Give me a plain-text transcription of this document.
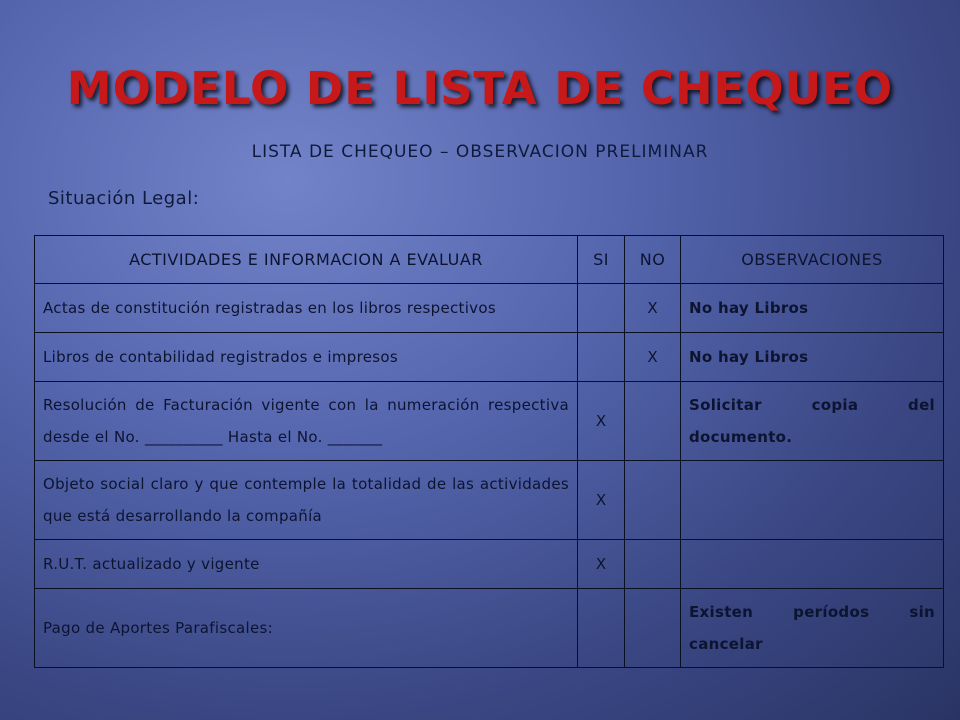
MODELO DE LISTA DE CHEQUEO
LISTA DE CHEQUEO – OBSERVACION PRELIMINAR
Situación Legal:
ACTIVIDADES E INFORMACION A EVALUAR	SI	NO	OBSERVACIONES
Actas de constitución registradas en los libros respectivos		X	No hay Libros
Libros de contabilidad registrados e impresos		X	No hay Libros
Resolución de Facturación vigente con la numeración respectiva desde el No. __________ Hasta el No. _______	X		Solicitar copia del documento.
Objeto social claro y que contemple la totalidad de las actividades que está desarrollando la compañía	X		
R.U.T. actualizado y vigente	X		
Pago de Aportes Parafiscales:			Existen períodos sin cancelar
